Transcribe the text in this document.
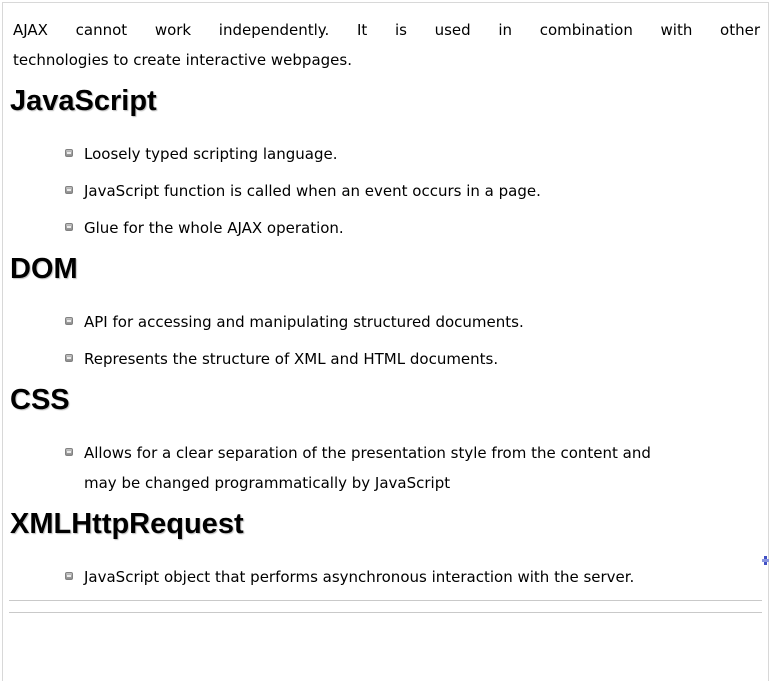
AJAX cannot work independently. It is used in combination with other
technologies to create interactive webpages.

JavaScript
Loosely typed scripting language.
JavaScript function is called when an event occurs in a page.
Glue for the whole AJAX operation.
DOM
API for accessing and manipulating structured documents.
Represents the structure of XML and HTML documents.
CSS
Allows for a clear separation of the presentation style from the content and
may be changed programmatically by JavaScript
XMLHttpRequest
JavaScript object that performs asynchronous interaction with the server.
